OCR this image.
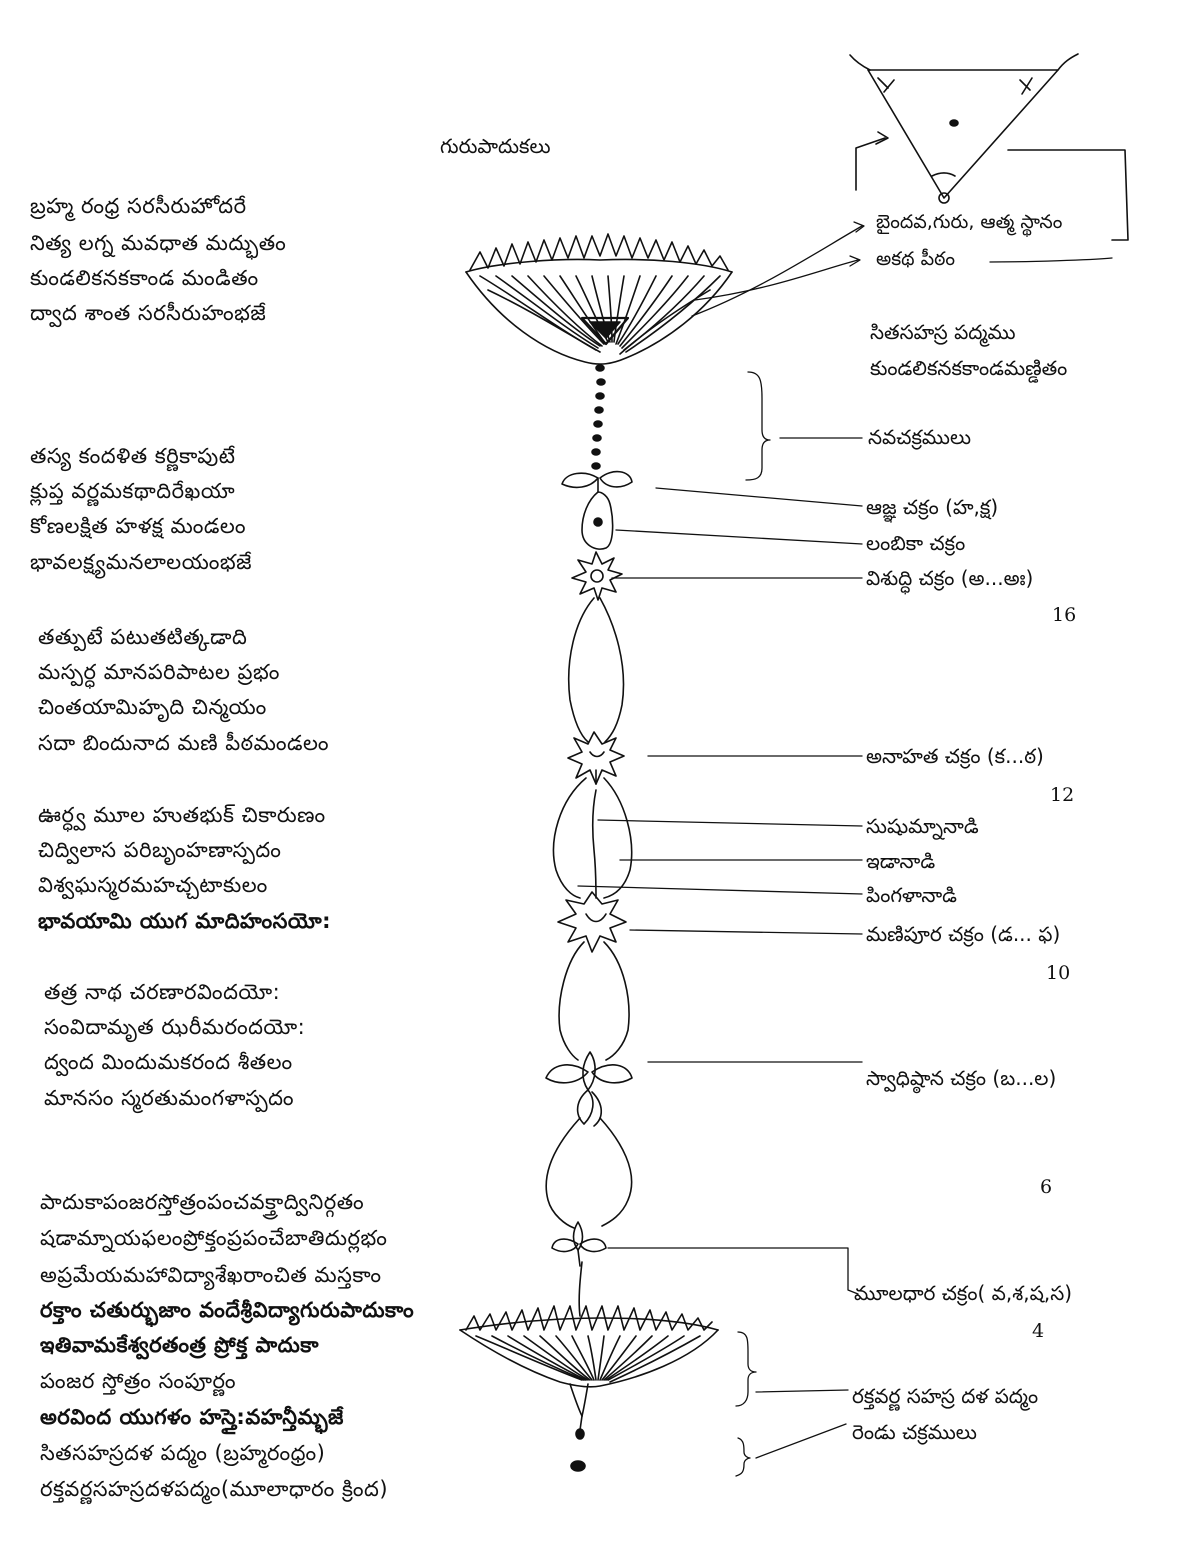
గురుపాదుకలు
బ్రహ్మ రంధ్ర సరసీరుహోదరే
నిత్య లగ్న మవధాత మద్భుతం
కుండలికనకకాండ మండితం
ద్వాద శాంత సరసీరుహంభజే
తస్య కందళిత కర్ణికాపుటే
క్లుప్త వర్ణమకథాదిరేఖయా
కోణలక్షిత హళక్ష మండలం
భావలక్ష్యమనలాలయంభజే
తత్పుటే పటుతటిత్కడాది
మస్పర్ధ మానపరిపాటల ప్రభం
చింతయామిహృది చిన్మయం
సదా బిందునాద మణి పీఠమండలం
ఊర్ధ్వ మూల హుతభుక్ చికారుణం
చిద్విలాస పరిబృంహణాస్పదం
విశ్వఘస్మరమహచ్చటాకులం
భావయామి యుగ మాదిహంసయో:
తత్ర నాథ చరణారవిందయో:
సంవిదామృత ఝరీమరందయో:
ద్వంద మిందుమకరంద శీతలం
మానసం స్మరతుమంగళాస్పదం
పాదుకాపంజరస్తోత్రంపంచవక్త్రాద్వినిర్గతం
షడామ్నాయఫలంప్రోక్తంప్రపంచేబాతిదుర్లభం
అప్రమేయమహావిద్యాశేఖరాంచిత మస్తకాం
రక్తాం చతుర్భుజాం వందేశ్రీవిద్యాగురుపాదుకాం
ఇతివామకేశ్వరతంత్ర ప్రోక్త పాదుకా
పంజర స్తోత్రం సంపూర్ణం
అరవింద యుగళం హస్తై:వహన్తీమ్భజే
సితసహస్రదళ పద్మం (బ్రహ్మరంధ్రం)
రక్తవర్ణసహస్రదళపద్మం(మూలాధారం క్రింద)
బైందవ,గురు, ఆత్మ స్థానం
అకథ పీఠం
సితసహస్ర పద్మము
కుండలికనకకాండమణ్డితం
నవచక్రములు
ఆజ్ఞ చక్రం (హ,క్ష)
లంబికా చక్రం
విశుద్ధి చక్రం (అ...అః)
16
అనాహత చక్రం (క...ఠ)
12
సుషుమ్నానాడి
ఇడానాడి
పింగళానాడి
మణిపూర చక్రం (డ... ఫ)
10
స్వాధిష్ఠాన చక్రం (బ...ల)
6
మూలధార చక్రం( వ,శ,ష,స)
4
రక్తవర్ణ సహస్ర దళ పద్మం
రెండు చక్రములు
